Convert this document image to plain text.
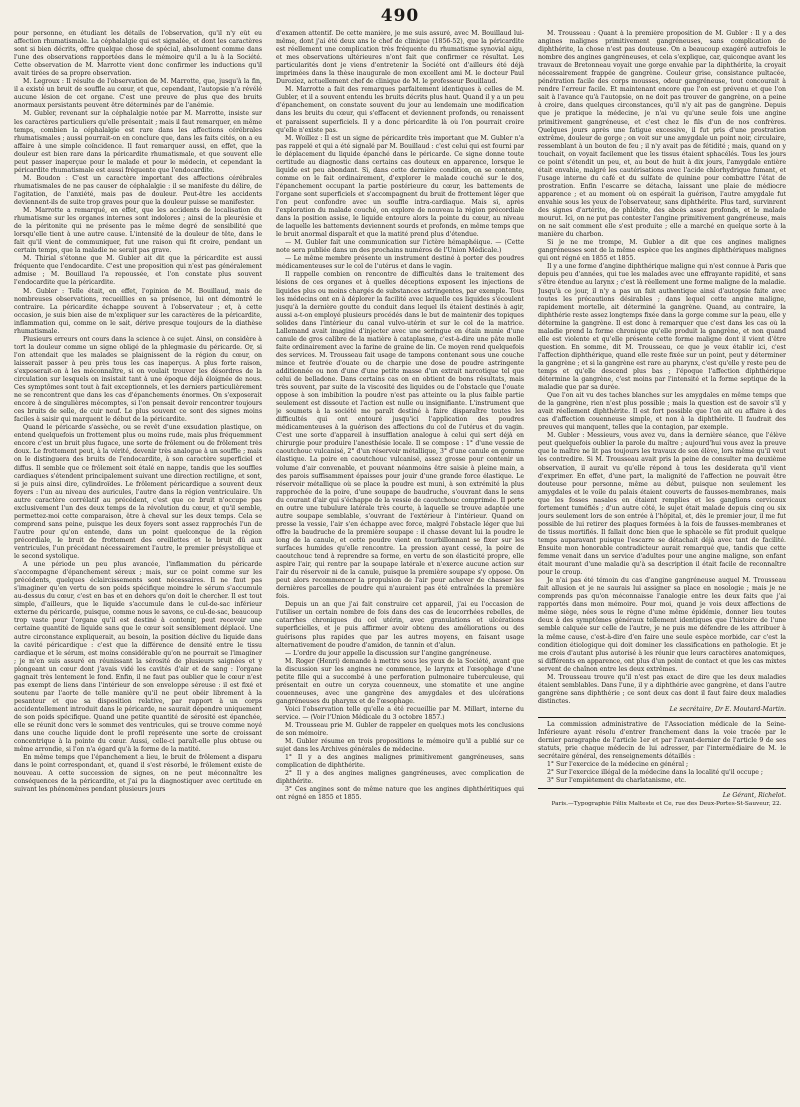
490

pour personne, en étudiant les détails de l'observation, qu'il n'y eût eu affection rhumatismale. La céphalalgie qui est signalée, et dont les caractères sont si bien décrits, offre quelque chose de spécial, absolument comme dans l'une des observations rapportées dans le mémoire qu'il a lu à la Société. Cette observation de M. Marrotte vient donc confirmer les inductions qu'il avait tirées de sa propre observation.

M. Legroux : Il résulte de l'observation de M. Marrotte, que, jusqu'à la fin, il a existé un bruit de souffle au cœur, et que, cependant, l'autopsie n'a révélé aucune lésion de cet organe. C'est une preuve de plus que des bruits anormaux persistants peuvent être déterminés par de l'anémie.

M. Gubler, revenant sur la céphalalgie notée par M. Marrotte, insiste sur les caractères particuliers qu'elle présentait ; mais il faut remarquer, en même temps, combien la céphalalgie est rare dans les affections cérébrales rhumatismales ; aussi pourrait-on en conclure que, dans les faits cités, on a eu affaire à une simple coïncidence. Il faut remarquer aussi, en effet, que la douleur est bien rare dans la péricardite rhumatismale, et que souvent elle peut passer inaperçue pour le malade et pour le médecin, et cependant la péricardite rhumatismale est aussi fréquente que l'endocardite.

M. Boudon : C'est un caractère important des affections cérébrales rhumatismales de ne pas causer de céphalalgie : il se manifeste du délire, de l'agitation, de l'anxiété, mais pas de douleur. Peut-être les accidents deviennent-ils de suite trop graves pour que la douleur puisse se manifester.

M. Marrotte a remarqué, en effet, que les accidents de localisation du rhumatisme sur les organes internes sont indolores ; ainsi de la pleurésie et de la péritonite qui ne présente pas le même degré de sensibilité que lorsqu'elle tient à une autre cause. L'intensité de la douleur de tête, dans le fait qu'il vient de communiquer, fut une raison qui fit croire, pendant un certain temps, que la maladie ne serait pas grave.

M. Thirial s'étonne que M. Gubler ait dit que la péricardite est aussi fréquente que l'endocardite. C'est une proposition qui n'est pas généralement admise ; M. Bouillaud l'a repoussée, et l'on constate plus souvent l'endocardite que la péricardite.

M. Gubler : Telle était, en effet, l'opinion de M. Bouillaud, mais de nombreuses observations, recueillies en sa présence, lui ont démontré le contraire. La péricardite échappe souvent à l'observateur ; et, à cette occasion, je suis bien aise de m'expliquer sur les caractères de la péricardite, inflammation qui, comme on le sait, dérive presque toujours de la diathèse rhumatismale.

Plusieurs erreurs ont cours dans la science à ce sujet. Ainsi, on considère à tort la douleur comme un signe obligé de la phlegmasie du péricarde. Or, si l'on attendait que les malades se plaignissent de la région du cœur, on laisserait passer à peu près tous les cas inaperçus. A plus forte raison, s'exposerait-on à les méconnaître, si on voulait trouver les désordres de la circulation sur lesquels on insistait tant à une époque déjà éloignée de nous. Ces symptômes sont tout à fait exceptionnels, et les derniers particulièrement ne se rencontrent que dans les cas d'épanchements énormes. On s'exposerait encore à de singulières mécomptes, si l'on pensait devoir rencontrer toujours ces bruits de selle, de cuir neuf. Le plus souvent ce sont des signes moins faciles à saisir qui marquent le début de la péricardite.

Quand le péricarde s'assèche, ou se revêt d'une exsudation plastique, on entend quelquefois un frottement plus ou moins rude, mais plus fréquemment encore c'est un bruit plus fugace, une sorte de frôlement ou de frôlement très doux. Le frottement peut, à la vérité, devenir très analogue à un souffle ; mais on le distinguera des bruits de l'endocardite, à son caractère superficiel et diffus. Il semble que ce frôlement soit étalé en nappe, tandis que les souffles cardiaques s'étendent principalement suivant une direction rectiligne, et sont, si je puis ainsi dire, cylindroïdes. Le frôlement péricardique a souvent deux foyers : l'un au niveau des auricules, l'autre dans la région ventriculaire. Un autre caractère corrélatif au précédent, c'est que ce bruit n'occupe pas exclusivement l'un des deux temps de la révolution du cœur, et qu'il semble, permettez-moi cette comparaison, être à cheval sur les deux temps. Cela se comprend sans peine, puisque les deux foyers sont assez rapprochés l'un de l'autre pour qu'on entende, dans un point quelconque de la région précordiale, le bruit de frottement des oreillettes et le bruit dû aux ventricules, l'un précédant nécessairement l'autre, le premier présystolique et le second systolique.

A une période un peu plus avancée, l'inflammation du péricarde s'accompagne d'épanchement séreux ; mais, sur ce point comme sur les précédents, quelques éclaircissements sont nécessaires. Il ne faut pas s'imaginer qu'en vertu de son poids spécifique moindre le sérum s'accumule au-dessus du cœur, c'est en bas et en dehors qu'on doit le chercher. Il est tout simple, d'ailleurs, que le liquide s'accumule dans le cul-de-sac inférieur externe du péricarde, puisque, comme nous le savons, ce cul-de-sac, beaucoup trop vaste pour l'organe qu'il est destiné à contenir, peut recevoir une certaine quantité de liquide sans que le cœur soit sensiblement déplacé. Une autre circonstance expliquerait, au besoin, la position déclive du liquide dans la cavité péricardique : c'est que la différence de densité entre le tissu cardiaque et le sérum, est moins considérable qu'on ne pourrait se l'imaginer ; je m'en suis assuré en réunissant la sérosité de plusieurs saignées et y plongeant un cœur dont j'avais vidé les cavités d'air et de sang : l'organe gagnait très lentement le fond. Enfin, il ne faut pas oublier que le cœur n'est pas exempt de liens dans l'intérieur de son enveloppe séreuse : il est fixé et soutenu par l'aorte de telle manière qu'il ne peut obéir librement à la pesanteur et que sa disposition relative, par rapport à un corps accidentellement introduit dans le péricarde, ne saurait dépendre uniquement de son poids spécifique. Quand une petite quantité de sérosité est épanchée, elle se réunit donc vers le sommet des ventricules, qui se trouve comme noyé dans une couche liquide dont le profil représente une sorte de croissant concentrique à la pointe du cœur. Aussi, celle-ci paraît-elle plus obtuse ou même arrondie, si l'on n'a égard qu'à la forme de la matité.

En même temps que l'épanchement a lieu, le bruit de frôlement a disparu dans le point correspondant, et, quand il s'est résorbé, le frôlement existe de nouveau. A cette succession de signes, on ne peut méconnaître les conséquences de la péricardite, et j'ai pu la diagnostiquer avec certitude en suivant les phénomènes pendant plusieurs jours

d'examen attentif. De cette manière, je me suis assuré, avec M. Bouillaud lui-même, dont j'ai été deux ans le chef de clinique (1856-52), que la péricardite est réellement une complication très fréquente du rhumatisme synovial aigu, et mes observations ultérieures n'ont fait que confirmer ce résultat. Les particularités dont je viens d'entretenir la Société ont d'ailleurs été déjà imprimées dans la thèse inaugurale de mon excellent ami M. le docteur Paul Duroziez, actuellement chef de clinique de M. le professeur Bouillaud.

M. Marrotte a fait des remarques parfaitement identiques à celles de M. Gubler, et il a souvent entendu les bruits décrits plus haut. Quand il y a un peu d'épanchement, on constate souvent du jour au lendemain une modification dans les bruits du cœur, qui s'effacent et deviennent profonds, ou renaissent et paraissent superficiels. Il y a donc péricardite là où l'on pourrait croire qu'elle n'existe pas.

M. Woillez : Il est un signe de péricardite très important que M. Gubler n'a pas rappelé et qui a été signalé par M. Bouillaud : c'est celui qui est fourni par le déplacement du liquide épanché dans le péricarde. Ce signe donne toute certitude au diagnostic dans certains cas douteux en apparence, lorsque le liquide est peu abondant. Si, dans cette dernière condition, on se contente, comme on le fait ordinairement, d'explorer le malade couché sur le dos, l'épanchement occupant la partie postérieure du cœur, les battements de l'organe sont superficiels et s'accompagnent du bruit de frottement léger que l'on peut confondre avec un souffle intra-cardiaque. Mais si, après l'exploration du malade couché, on explore de nouveau la région précordiale dans la position assise, le liquide entoure alors la pointe du cœur, au niveau de laquelle les battements deviennent sourds et profonds, en même temps que le bruit anormal disparaît et que la matité prend plus d'étendue.

— M. Gubler fait une communication sur l'ictère hémaphéique. — (Cette note sera publiée dans un des prochains numéros de l'Union Médicale.)

— Le même membre présente un instrument destiné à porter des poudres médicamenteuses sur le col de l'utérus et dans le vagin.

Il rappelle combien on rencontre de difficultés dans le traitement des lésions de ces organes et à quelles déceptions exposent les injections de liquides plus ou moins chargés de substances astringentes, par exemple. Tous les médecins ont en à déplorer la facilité avec laquelle ces liquides s'écoulent jusqu'à la dernière goutte du conduit dans lequel ils étaient destinés à agir, aussi a-t-on employé plusieurs procédés dans le but de maintenir des topiques solides dans l'intérieur du canal vulvo-utérin et sur le col de la matrice. Lallemand avait imaginé d'injecter avec une seringue en étain munie d'une canule de gros calibre de la matière à cataplasme, c'est-à-dire une pâte molle faite ordinairement avec la farine de graine de lin. Ce moyen rend quelquefois des services. M. Trousseau fait usage de tampons contenant sous une couche mince et feutrée d'ouate ou de charpie une dose de poudre astringente additionnée ou non d'une d'une petite masse d'un extrait narcotique tel que celui de belladone. Dans certains cas on en obtient de bons résultats, mais très souvent, par suite de la viscosité des liquides ou de l'obstacle que l'ouate oppose à son imbibition la poudre n'est pas atteinte ou la plus faible partie seulement est dissoute et l'action est nulle ou insignifiante. L'instrument que je soumets à la société me paraît destiné à faire disparaître toutes les difficultés qui ont entouré jusqu'ici l'application des poudres médicamenteuses à la guérison des affections du col de l'utérus et du vagin. C'est une sorte d'appareil à insufflation analogue à celui qui sert déjà en chirurgie pour produire l'anesthésie locale. Il se compose : 1° d'une vessie de caoutchouc vulcanisé, 2° d'un réservoir métallique, 3° d'une canule en gomme élastique. La poire en caoutchouc vulcanisé, assez grosse pour contenir un volume d'air convenable, et pouvant néanmoins être saisie à pleine main, a des parois suffisamment épaisses pour jouir d'une grande force élastique. Le réservoir métallique où se place la poudre est muni, à son extrémité la plus rapprochée de la poire, d'une soupape de baudruche, s'ouvrant dans le sens du courant d'air qui s'échappe de la vessie de caoutchouc comprimée. Il porte en outre une tubulure latérale très courte, à laquelle se trouve adaptée une autre soupape semblable, s'ouvrant de l'extérieur à l'intérieur. Quand on presse la vessie, l'air s'en échappe avec force, malgré l'obstacle léger que lui offre la baudruche de la première soupape : il chasse devant lui la poudre le long de la canule, et cette poudre vient en tourbillonnant se fixer sur les surfaces humides qu'elle rencontre. La pression ayant cessé, la poire de caoutchouc tend à reprendre sa forme, en vertu de son élasticité propre, elle aspire l'air, qui rentre par la soupape latérale et n'exerce aucune action sur l'air du réservoir ni de la canule, puisque la première soupape s'y oppose. On peut alors recommencer la propulsion de l'air pour achever de chasser les dernières parcelles de poudre qui n'auraient pas été entraînées la première fois.

Depuis un an que j'ai fait construire cet appareil, j'ai eu l'occasion de l'utiliser un certain nombre de fois dans des cas de leucorrhées rebelles, de catarrhes chroniques du col utérin, avec granulations et ulcérations superficielles, et je puis affirmer avoir obtenu des améliorations ou des guérisons plus rapides que par les autres moyens, en faisant usage alternativement de poudre d'amidon, de tannin et d'alun.

— L'ordre du jour appelle la discussion sur l'angine gangréneuse.

M. Roger (Henri) demande à mettre sous les yeux de la Société, avant que la discussion sur les angines ne commence, le larynx et l'œsophage d'une petite fille qui a succombé à une perforation pulmonaire tuberculeuse, qui présentait en outre un coryza couenneux, une stomatite et une angine couenneuses, avec une gangrène des amygdales et des ulcérations gangréneuses du pharynx et de l'œsophage.

Voici l'observation telle qu'elle a été recueillie par M. Millart, interne du service. — (Voir l'Union Médicale du 3 octobre 1857.)

M. Trousseau prie M. Gubler de rappeler en quelques mots les conclusions de son mémoire.

M. Gubler résume en trois propositions le mémoire qu'il a publié sur ce sujet dans les Archives générales de médecine.

1° Il y a des angines malignes primitivement gangréneuses, sans complication de diphthérite.

2° Il y a des angines malignes gangréneuses, avec complication de diphthérite.

3° Ces angines sont de même nature que les angines diphthéritiques qui ont régné en 1855 et 1855.

M. Trousseau : Quant à la première proposition de M. Gubler : Il y a des angines malignes primitivement gangréneuses, sans complication de diphthérite, la chose n'est pas douteuse. On a beaucoup exagéré autrefois le nombre des angines gangréneuses, et cela s'explique, car, quiconque avant les travaux de Bretonneau voyait une gorge envahie par la diphthérite, la croyait nécessairement frappée de gangrène. Couleur grise, consistance pultacée, pénétration facile des corps mousses, odeur gangréneuse, tout concourait à rendre l'erreur facile. Et maintenant encore que l'on est prévenu et que l'on sait à l'avance qu'à l'autopsie, on ne doit pas trouver de gangrène, on a peine à croire, dans quelques circonstances, qu'il n'y ait pas de gangrène. Depuis que je pratique la médecine, je n'ai vu qu'une seule fois une angine primitivement gangréneuse, et c'est chez le fils d'un de nos confrères. Quelques jours après une fatigue excessive, il fut pris d'une prostration extrême, douleur de gorge ; on voit sur une amygdale un point noir, circulaire, ressemblant à un bouton de feu ; il n'y avait pas de fétidité ; mais, quand on y touchait, on voyait facilement que les tissus étaient sphacélés. Tous les jours ce point s'étendit un peu, et, au bout de huit à dix jours, l'amygdale entière était envahie, malgré les cautérisations avec l'acide chlorhydrique fumant, et l'usage interne du café et du sulfate de quinine pour combattre l'état de prostration. Enfin l'escarre se détacha, laissant une plaie de médiocre apparence ; et au moment où on espérait la guérison, l'autre amygdale fut envahie sous les yeux de l'observateur, sans diphthérite. Plus tard, survinrent des signes d'artérite, de phlébite, des abcès assez profonds, et le malade mourut. Ici, on ne put pas contester l'angine primitivement gangréneuse, mais on ne sait comment elle s'est produite ; elle a marché en quelque sorte à la manière du charbon.

Si je ne me trompe, M. Gubler a dit que ces angines malignes gangréneuses sont de la même espèce que les angines diphthériques malignes qui ont régné en 1855 et 1855.

Il y a une forme d'angine diphthérique maligne qui n'est connue à Paris que depuis peu d'années, qui tue les malades avec une effrayante rapidité, et sans s'être étendue au larynx ; c'est là réellement une forme maligne de la maladie. Jusqu'à ce jour, il n'y a pas un fait authentique ainsi d'autopsie faite avec toutes les précautions désirables ; dans lequel cette angine maligne, rapidement mortelle, ait déterminé la gangrène. Quand, au contraire, la diphthérie reste assez longtemps fixée dans la gorge comme sur la peau, elle y détermine la gangrène. Il est donc à remarquer que c'est dans les cas où la maladie prend la forme chronique qu'elle produit la gangrène, et non quand elle est violente et qu'elle présente cette forme maligne dont il vient d'être question. En somme, dit M. Trousseau, ce que je veux établir ici, c'est l'affection diphthérique, quand elle reste fixée sur un point, peut y déterminer la gangrène ; et si la gangrène est rare au pharynx, c'est qu'elle y reste peu de temps et qu'elle descend plus bas ; l'époque l'affection diphthérique détermine la gangrène, c'est moins par l'intensité et la forme septique de la maladie que par sa durée.

Que l'on ait vu des taches blanches sur les amygdales en même temps que de la gangrène, rien n'est plus possible ; mais la question est de savoir s'il y avait réellement diphthérite. Il est fort possible que l'on ait eu affaire à des cas d'affection couenneuse simple, et non à la diphthérite. Il faudrait des preuves qui manquent, telles que la contagion, par exemple.

M. Gubler : Messieurs, vous avez vu, dans la dernière séance, que l'élève peut quelquefois oublier la parole du maître ; aujourd'hui vous avez la preuve que le maître ne lit pas toujours les travaux de son élève, lors même qu'il veut les contredire. Si M. Trousseau avait pris la peine de consulter ma deuxième observation, il aurait vu qu'elle répond à tous les desiderata qu'il vient d'exprimer. En effet, d'une part, la malignité de l'affection ne pouvait être douteuse pour personne, même au début, puisque non seulement les amygdales et le voile du palais étaient couverts de fausses-membranes, mais que les fosses nasales en étaient remplies et les ganglions cervicaux fortement tuméfiés ; d'un autre côté, le sujet était malade depuis cinq ou six jours seulement lors de son entrée à l'hôpital, et, dès le premier jour, il me fut possible de lui retirer des plaques formées à la fois de fausses-membranes et de tissus mortifiés. Il fallait donc bien que le sphacèle se fût produit quelque temps auparavant puisque l'escarre se détachait déjà avec tant de facilité. Ensuite mon honorable contradicteur aurait remarqué que, tandis que cette femme venait dans un service d'adultes pour une angine maligne, son enfant était mourant d'une maladie qu'à sa description il était facile de reconnaître pour le croup.

Je n'ai pas été témoin du cas d'angine gangréneuse auquel M. Trousseau fait allusion et je ne saurais lui assigner sa place en nosologie ; mais je ne comprends pas qu'on méconnaisse l'analogie entre les deux faits que j'ai rapportés dans mon mémoire. Pour moi, quand je vois deux affections de même siège, nées sous le règne d'une même épidémie, donner lieu toutes deux à des symptômes généraux tellement identiques que l'histoire de l'une semble calquée sur celle de l'autre, je ne puis me défendre de les attribuer à la même cause, c'est-à-dire d'en faire une seule espèce morbide, car c'est la condition étiologique qui doit dominer les classifications en pathologie. Et je me crois d'autant plus autorisé à les réunir que leurs caractères anatomiques, si différents en apparence, ont plus d'un point de contact et que les cas mixtes servent de chaînon entre les deux extrêmes.

M. Trousseau trouve qu'il n'est pas exact de dire que les deux maladies étaient semblables. Dans l'une, il y a diphthérie avec gangrène, et dans l'autre gangrène sans diphthérie ; ce sont deux cas dont il faut faire deux maladies distinctes.

Le secrétaire, Dr E. Moutard-Martin.

La commission administrative de l'Association médicale de la Seine-Inférieure ayant résolu d'entrer franchement dans la voie tracée par le dernier paragraphe de l'article 1er et par l'avant-dernier de l'article 9 de ses statuts, prie chaque médecin de lui adresser, par l'intermédiaire de M. le secrétaire général, des renseignements détaillés :

1° Sur l'exercice de la médecine en général ;

2° Sur l'exercice illégal de la médecine dans la localité qu'il occupe ;

3° Sur l'empiètement du charlatanisme, etc.

Le Gérant, Richelot.

Paris.—Typographie Félix Malteste et Ce, rue des Deux-Portes-St-Sauveur, 22.
